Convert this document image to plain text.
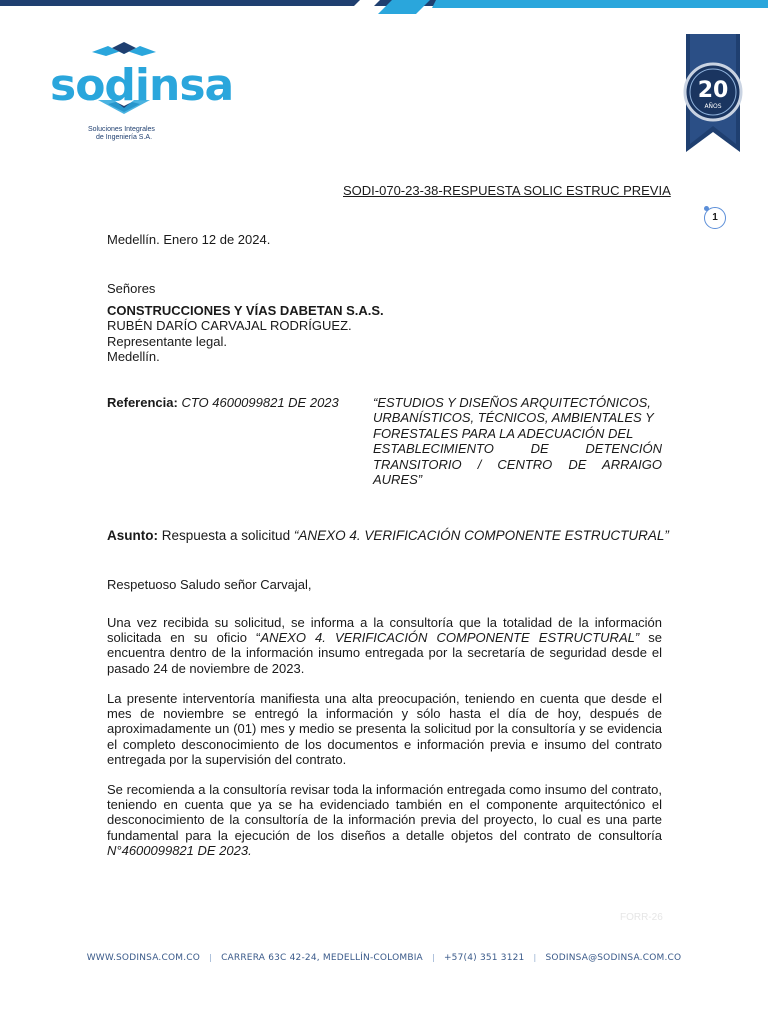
sodinsa
Soluciones Integrales
de Ingeniería S.A.
20
AÑOS
SODI-070-23-38-RESPUESTA SOLIC ESTRUC PREVIA
1
Medellín. Enero 12 de 2024.
Señores
CONSTRUCCIONES Y VÍAS DABETAN S.A.S.
RUBÉN DARÍO CARVAJAL RODRÍGUEZ.
Representante legal.
Medellín.
Referencia: CTO 4600099821 DE 2023	“ESTUDIOS Y DISEÑOS ARQUITECTÓNICOS,
URBANÍSTICOS, TÉCNICOS, AMBIENTALES Y
FORESTALES PARA LA ADECUACIÓN DEL
ESTABLECIMIENTO	DE	DETENCIÓN
TRANSITORIO / CENTRO DE ARRAIGO AURES”
Asunto: Respuesta a solicitud “ANEXO 4. VERIFICACIÓN COMPONENTE ESTRUCTURAL”
Respetuoso Saludo señor Carvajal,
Una vez recibida su solicitud, se informa a la consultoría que la totalidad de la información solicitada en su oficio “ANEXO 4. VERIFICACIÓN COMPONENTE ESTRUCTURAL” se encuentra dentro de la información insumo entregada por la secretaría de seguridad desde el pasado 24 de noviembre de 2023.
La presente interventoría manifiesta una alta preocupación, teniendo en cuenta que desde el mes de noviembre se entregó la información y sólo hasta el día de hoy, después de aproximadamente un (01) mes y medio se presenta la solicitud por la consultoría y se evidencia el completo desconocimiento de los documentos e información previa e insumo del contrato entregada por la supervisión del contrato.
Se recomienda a la consultoría revisar toda la información entregada como insumo del contrato, teniendo en cuenta que ya se ha evidenciado también en el componente arquitectónico el desconocimiento de la consultoría de la información previa del proyecto, lo cual es una parte fundamental para la ejecución de los diseños a detalle objetos del contrato de consultoría N°4600099821 DE 2023.
FORR-26
WWW.SODINSA.COM.CO | CARRERA 63C 42-24, MEDELLÍN-COLOMBIA | +57(4) 351 3121 | SODINSA@SODINSA.COM.CO
